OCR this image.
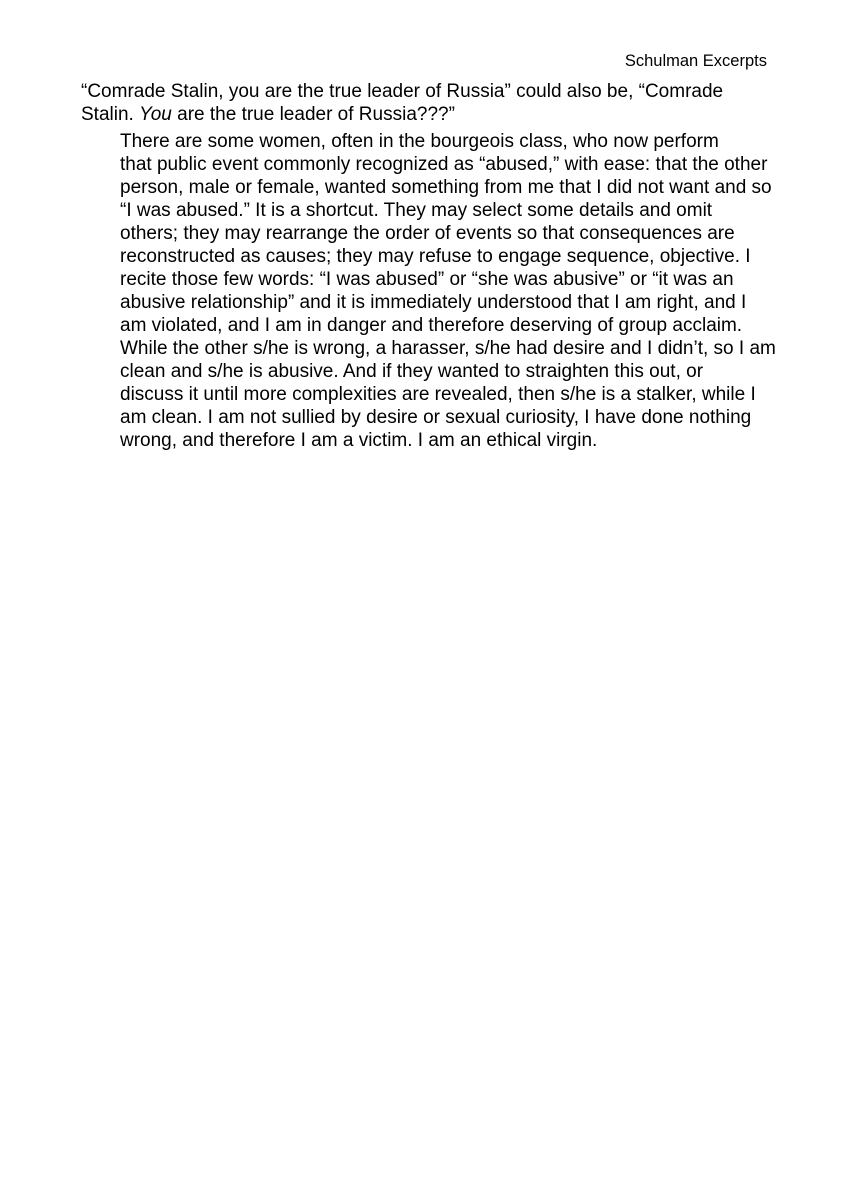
Schulman Excerpts

“Comrade Stalin, you are the true leader of Russia” could also be, “Comrade
Stalin. You are the true leader of Russia???”

There are some women, often in the bourgeois class, who now perform
that public event commonly recognized as “abused,” with ease: that the other
person, male or female, wanted something from me that I did not want and so
“I was abused.” It is a shortcut. They may select some details and omit
others; they may rearrange the order of events so that consequences are
reconstructed as causes; they may refuse to engage sequence, objective. I
recite those few words: “I was abused” or “she was abusive” or “it was an
abusive relationship” and it is immediately understood that I am right, and I
am violated, and I am in danger and therefore deserving of group acclaim.
While the other s/he is wrong, a harasser, s/he had desire and I didn’t, so I am
clean and s/he is abusive. And if they wanted to straighten this out, or
discuss it until more complexities are revealed, then s/he is a stalker, while I
am clean. I am not sullied by desire or sexual curiosity, I have done nothing
wrong, and therefore I am a victim. I am an ethical virgin.
